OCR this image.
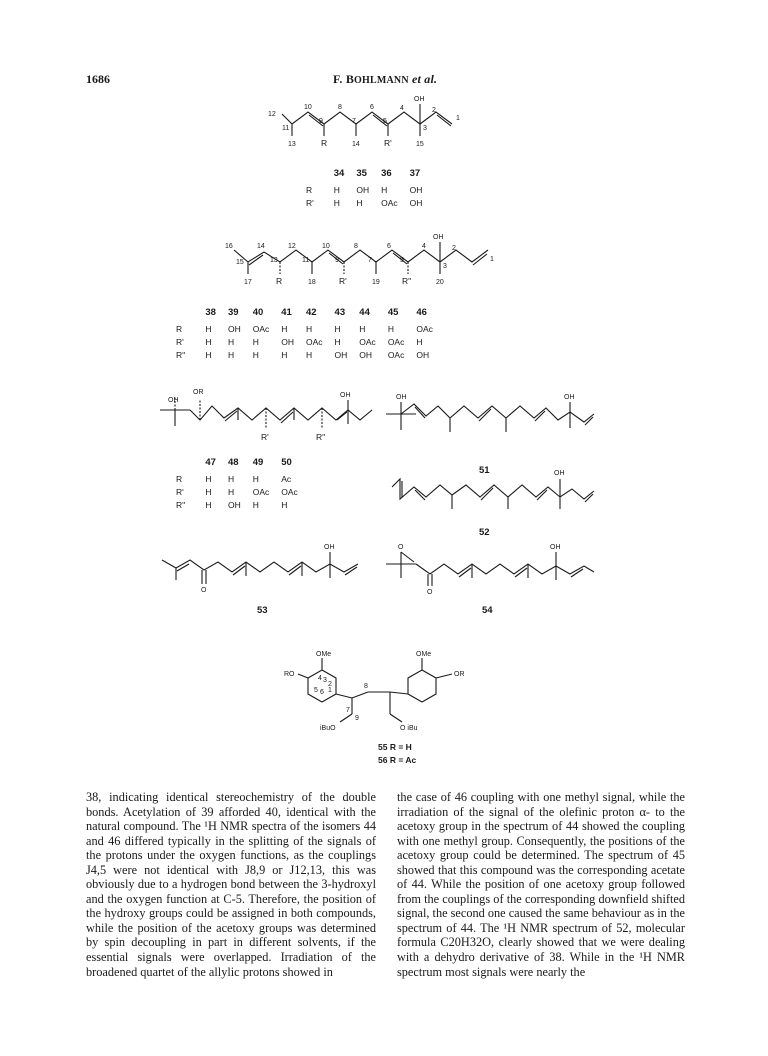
1686	F. BOHLMANN et al.
12
11
10
9
8
7
6
5
4
3
2
1
13	R	14	R'	15
OH
	34	35	36	37
R	H	OH	H	OH
R'	H	H	OAc	OH
16
15
14
13
12
11
10
9
8
7
6
5
4
3
2
1
17	R	18	R'	19	R''	20
OH
	38	39	40	41	42	43	44	45	46
R	H	OH	OAc	H	H	H	H	H	OAc
R'	H	H	H	OH	OAc	H	OAc	OAc	H
R''	H	H	H	H	H	OH	OH	OAc	OH
OR
OH
OH
R'	R''
	47	48	49	50
R	H	H	H	Ac
R'	H	H	OAc	OAc
R''	H	OH	H	H
OH	OH
51	OH
52
OH
O
53
O	OH
O
54
OMe	OMe
RO	OR
4 3
2
1
5 6
7
8
9
iBuO	O iBu
55 R = H
56 R = Ac

38, indicating identical stereochemistry of the double bonds. Acetylation of 39 afforded 40, identical with the natural compound. The ¹H NMR spectra of the isomers 44 and 46 differed typically in the splitting of the signals of the protons under the oxygen functions, as the couplings J4,5 were not identical with J8,9 or J12,13, this was obviously due to a hydrogen bond between the 3-hydroxyl and the oxygen function at C-5. Therefore, the position of the hydroxy groups could be assigned in both compounds, while the position of the acetoxy groups was determined by spin decoupling in part in different solvents, if the essential signals were overlapped. Irradiation of the broadened quartet of the allylic protons showed in

the case of 46 coupling with one methyl signal, while the irradiation of the signal of the olefinic proton α- to the acetoxy group in the spectrum of 44 showed the coupling with one methyl group. Consequently, the positions of the acetoxy group could be determined. The spectrum of 45 showed that this compound was the corresponding acetate of 44. While the position of one acetoxy group followed from the couplings of the corresponding downfield shifted signal, the second one caused the same behaviour as in the spectrum of 44. The ¹H NMR spectrum of 52, molecular formula C20H32O, clearly showed that we were dealing with a dehydro derivative of 38. While in the ¹H NMR spectrum most signals were nearly the
